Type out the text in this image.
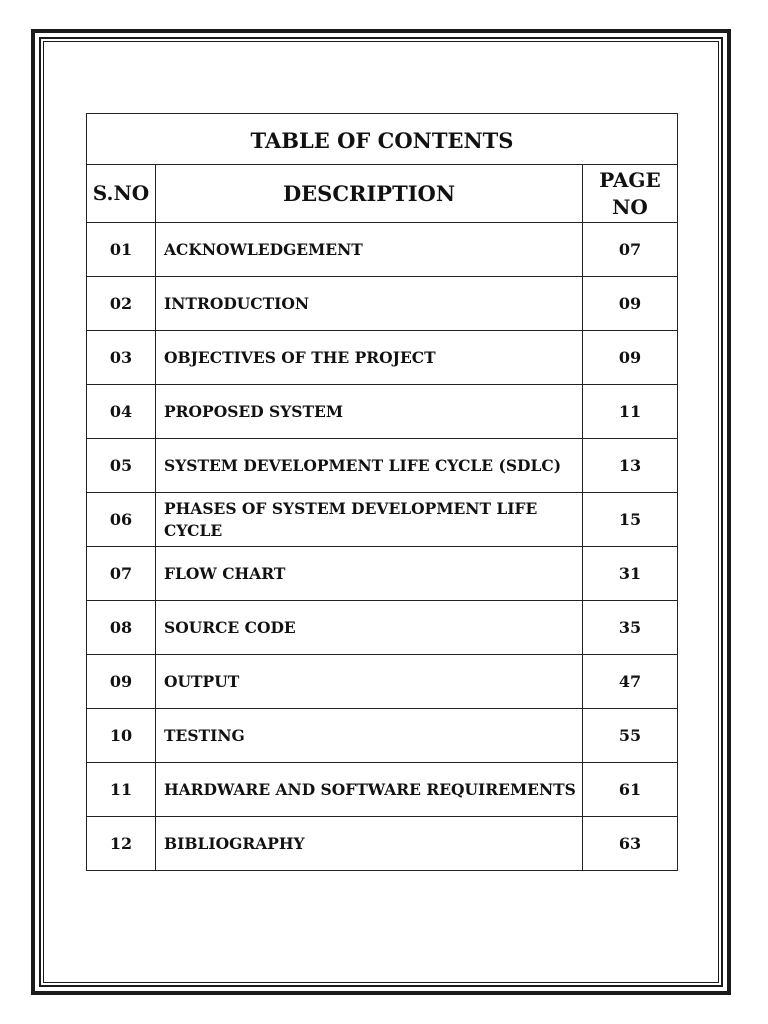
TABLE OF CONTENTS		
S.NO	DESCRIPTION	PAGE
NO

01	ACKNOWLEDGEMENT	07
02	INTRODUCTION	09
03	OBJECTIVES OF THE PROJECT	09
04	PROPOSED SYSTEM	11
05	SYSTEM DEVELOPMENT LIFE CYCLE (SDLC)	13
06	PHASES OF SYSTEM DEVELOPMENT LIFE CYCLE	15
07	FLOW CHART	31
08	SOURCE CODE	35
09	OUTPUT	47
10	TESTING	55
11	HARDWARE AND SOFTWARE REQUIREMENTS	61
12	BIBLIOGRAPHY	63
